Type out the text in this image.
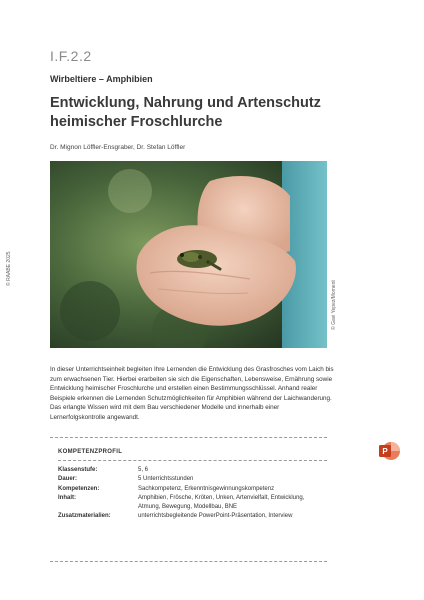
I.F.2.2
Wirbeltiere – Amphibien
Entwicklung, Nahrung und Artenschutz heimischer Froschlurche
Dr. Mignon Löffler-Ensgraber, Dr. Stefan Löffler
© RAABE 2025
© Gavi Yepez/Moment
In dieser Unterrichtseinheit begleiten Ihre Lernenden die Entwicklung des Grasfrosches vom Laich bis zum erwachsenen Tier. Hierbei erarbeiten sie sich die Eigenschaften, Lebensweise, Ernährung sowie Entwicklung heimischer Froschlurche und erstellen einen Bestimmungsschlüssel. Anhand realer Beispiele erkennen die Lernenden Schutzmöglichkeiten für Amphibien während der Laichwanderung. Das erlangte Wissen wird mit dem Bau verschiedener Modelle und innerhalb einer Lernerfolgskontrolle angewandt.
KOMPETENZPROFIL
Klassenstufe:	5, 6
Dauer:	5 Unterrichtsstunden
Kompetenzen:	Sachkompetenz, Erkenntnisgewinnungskompetenz
Inhalt:	Amphibien, Frösche, Kröten, Unken, Artenvielfalt, Entwicklung, Atmung, Bewegung, Modellbau, BNE
Zusatzmaterialien:	unterrichtsbegleitende PowerPoint-Präsentation, Interview
P
